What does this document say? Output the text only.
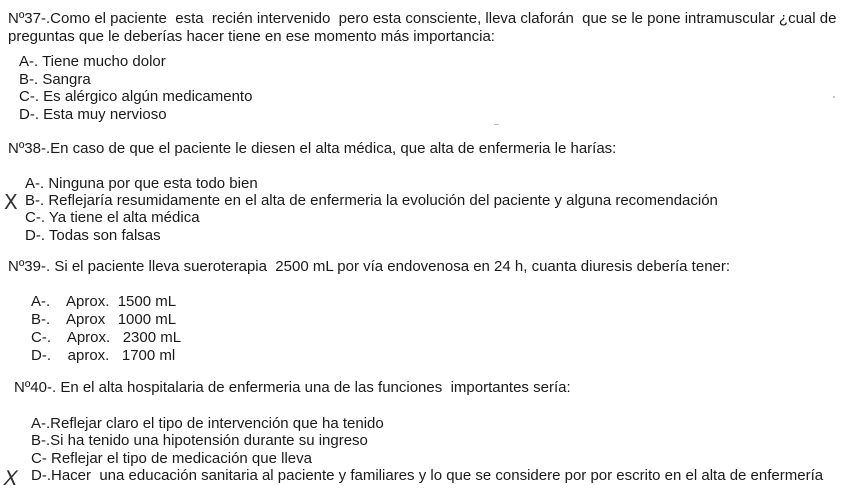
Nº37-.Como el paciente  esta  recién intervenido  pero esta consciente, lleva claforán  que se le pone intramuscular ¿cual de
preguntas que le deberías hacer tiene en ese momento más importancia:
A-. Tiene mucho dolor
B-. Sangra
C-. Es alérgico algún medicamento
D-. Esta muy nervioso
Nº38-.En caso de que el paciente le diesen el alta médica, que alta de enfermeria le harías:
A-. Ninguna por que esta todo bien
X B-. Reflejaría resumidamente en el alta de enfermeria la evolución del paciente y alguna recomendación
C-. Ya tiene el alta médica
D-. Todas son falsas
Nº39-. Si el paciente lleva sueroterapia  2500 mL por vía endovenosa en 24 h, cuanta diuresis debería tener:
A-.    Aprox.  1500 mL
B-.    Aprox   1000 mL
C-.    Aprox.   2300 mL
D-.    aprox.   1700 ml
Nº40-. En el alta hospitalaria de enfermeria una de las funciones  importantes sería:
A-.Reflejar claro el tipo de intervención que ha tenido
B-.Si ha tenido una hipotensión durante su ingreso
C- Reflejar el tipo de medicación que lleva
X D-.Hacer  una educación sanitaria al paciente y familiares y lo que se considere por por escrito en el alta de enfermería
